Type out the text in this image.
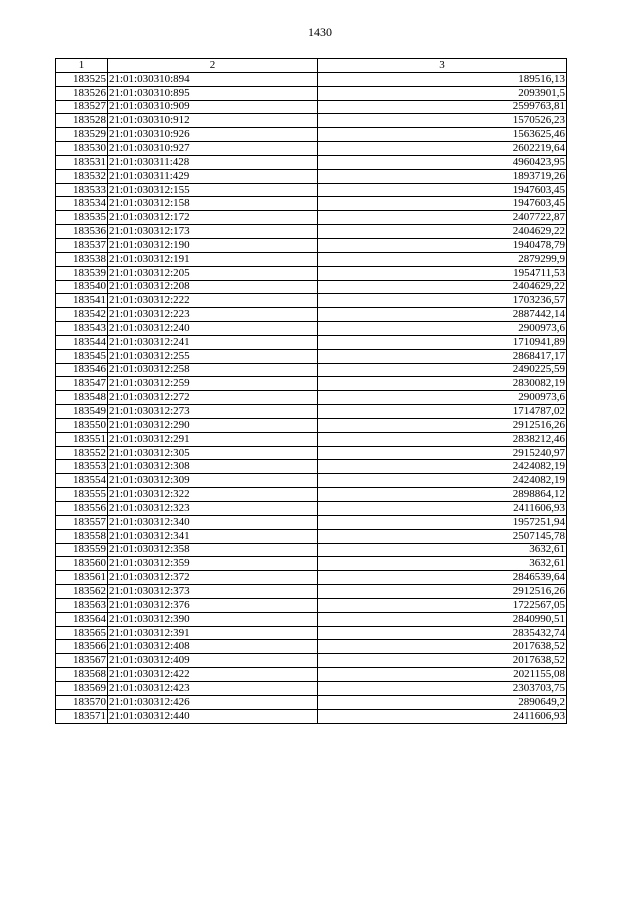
1430
1	2	3
183525	21:01:030310:894	189516,13
183526	21:01:030310:895	2093901,5
183527	21:01:030310:909	2599763,81
183528	21:01:030310:912	1570526,23
183529	21:01:030310:926	1563625,46
183530	21:01:030310:927	2602219,64
183531	21:01:030311:428	4960423,95
183532	21:01:030311:429	1893719,26
183533	21:01:030312:155	1947603,45
183534	21:01:030312:158	1947603,45
183535	21:01:030312:172	2407722,87
183536	21:01:030312:173	2404629,22
183537	21:01:030312:190	1940478,79
183538	21:01:030312:191	2879299,9
183539	21:01:030312:205	1954711,53
183540	21:01:030312:208	2404629,22
183541	21:01:030312:222	1703236,57
183542	21:01:030312:223	2887442,14
183543	21:01:030312:240	2900973,6
183544	21:01:030312:241	1710941,89
183545	21:01:030312:255	2868417,17
183546	21:01:030312:258	2490225,59
183547	21:01:030312:259	2830082,19
183548	21:01:030312:272	2900973,6
183549	21:01:030312:273	1714787,02
183550	21:01:030312:290	2912516,26
183551	21:01:030312:291	2838212,46
183552	21:01:030312:305	2915240,97
183553	21:01:030312:308	2424082,19
183554	21:01:030312:309	2424082,19
183555	21:01:030312:322	2898864,12
183556	21:01:030312:323	2411606,93
183557	21:01:030312:340	1957251,94
183558	21:01:030312:341	2507145,78
183559	21:01:030312:358	3632,61
183560	21:01:030312:359	3632,61
183561	21:01:030312:372	2846539,64
183562	21:01:030312:373	2912516,26
183563	21:01:030312:376	1722567,05
183564	21:01:030312:390	2840990,51
183565	21:01:030312:391	2835432,74
183566	21:01:030312:408	2017638,52
183567	21:01:030312:409	2017638,52
183568	21:01:030312:422	2021155,08
183569	21:01:030312:423	2303703,75
183570	21:01:030312:426	2890649,2
183571	21:01:030312:440	2411606,93
